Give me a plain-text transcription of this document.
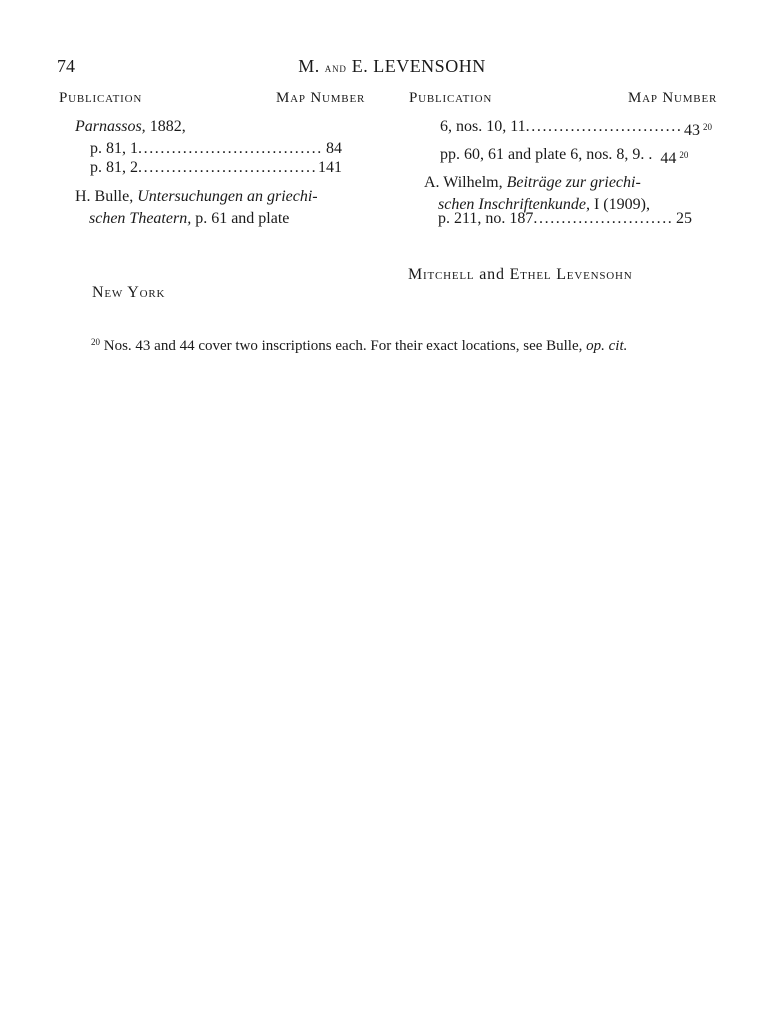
74	M. and E. LEVENSOHN
Publication	Map Number	Publication	Map Number
Parnassos, 1882,
p. 81, 1 . . .	84
p. 81, 2 . . .	141
H. Bulle, Untersuchungen an griechi-
schen Theatern, p. 61 and plate
6, nos. 10, 11 . . .	43 $^{20}$
pp. 60, 61 and plate 6, nos. 8, 9. . 44 $^{20}$
A. Wilhelm, Beiträge zur griechi-
schen Inschriftenkunde, I (1909),
p. 211, no. 187 . . .	25
Mitchell and Ethel Levensohn
New York
$^{20}$ Nos. 43 and 44 cover two inscriptions each. For their exact locations, see Bulle, op. cit.
